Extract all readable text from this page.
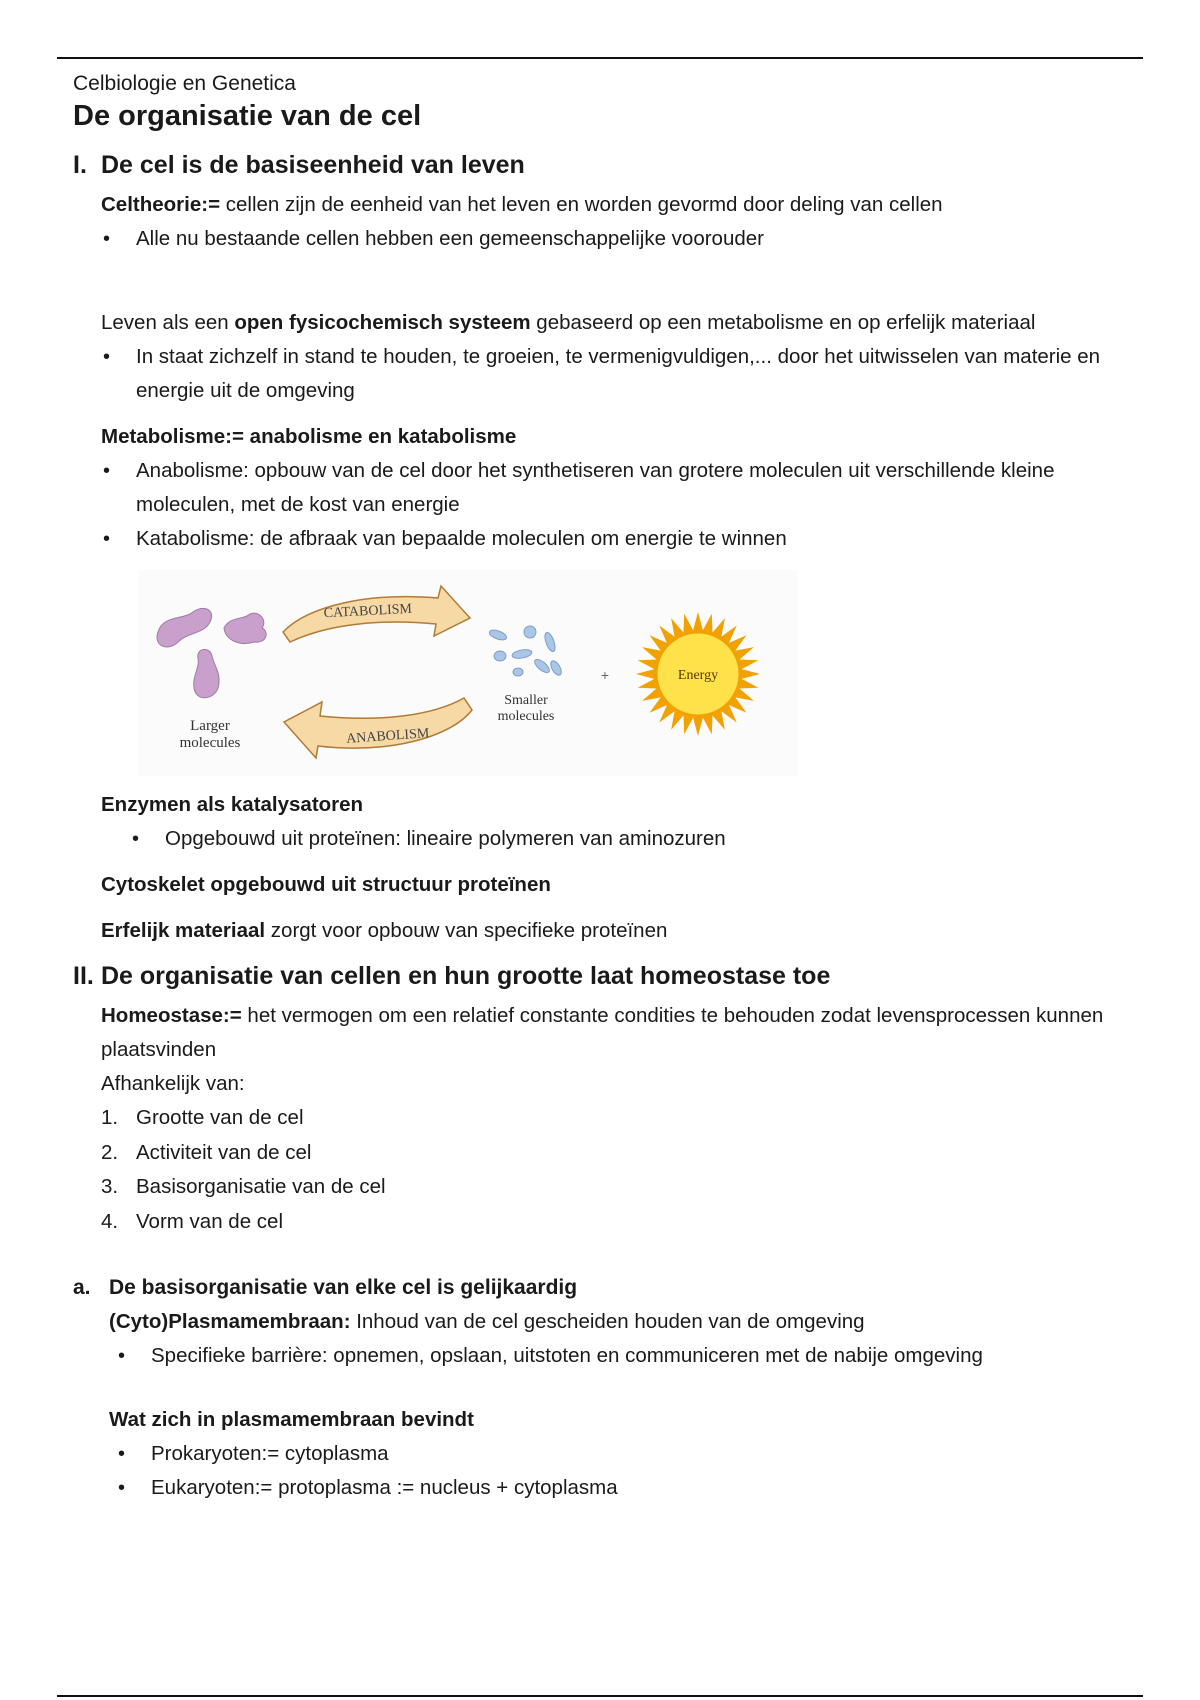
Celbiologie en Genetica
De organisatie van de cel
I. De cel is de basiseenheid van leven
Celtheorie:= cellen zijn de eenheid van het leven en worden gevormd door deling van cellen
• Alle nu bestaande cellen hebben een gemeenschappelijke voorouder
Leven als een open fysicochemisch systeem gebaseerd op een metabolisme en op erfelijk materiaal
• In staat zichzelf in stand te houden, te groeien, te vermenigvuldigen,... door het uitwisselen van materie en energie uit de omgeving
Metabolisme:= anabolisme en katabolisme
• Anabolisme: opbouw van de cel door het synthetiseren van grotere moleculen uit verschillende kleine moleculen, met de kost van energie
• Katabolisme: de afbraak van bepaalde moleculen om energie te winnen
Larger
molecules
CATABOLISM
ANABOLISM
Smaller
molecules
+	Energy
Enzymen als katalysatoren
• Opgebouwd uit proteïnen: lineaire polymeren van aminozuren
Cytoskelet opgebouwd uit structuur proteïnen
Erfelijk materiaal zorgt voor opbouw van specifieke proteïnen
II. De organisatie van cellen en hun grootte laat homeostase toe
Homeostase:= het vermogen om een relatief constante condities te behouden zodat levensprocessen kunnen plaatsvinden
Afhankelijk van:
1. Grootte van de cel
2. Activiteit van de cel
3. Basisorganisatie van de cel
4. Vorm van de cel
a. De basisorganisatie van elke cel is gelijkaardig
(Cyto)Plasmamembraan: Inhoud van de cel gescheiden houden van de omgeving
• Specifieke barrière: opnemen, opslaan, uitstoten en communiceren met de nabije omgeving
Wat zich in plasmamembraan bevindt
• Prokaryoten:= cytoplasma
• Eukaryoten:= protoplasma := nucleus + cytoplasma
